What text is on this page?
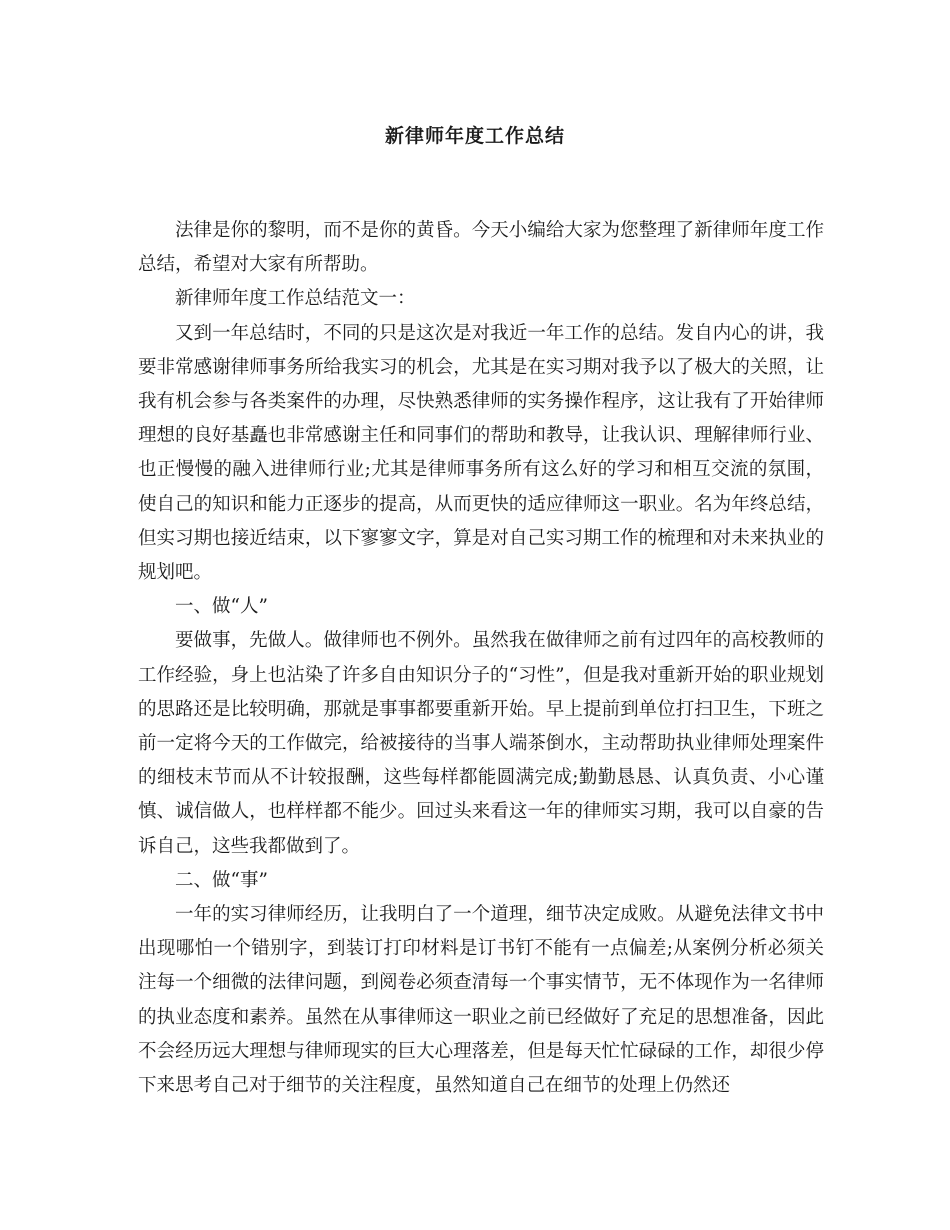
新律师年度工作总结

法律是你的黎明，而不是你的黄昏。今天小编给大家为您整理了新律师年度工作总结，希望对大家有所帮助。

新律师年度工作总结范文一：

又到一年总结时，不同的只是这次是对我近一年工作的总结。发自内心的讲，我要非常感谢律师事务所给我实习的机会，尤其是在实习期对我予以了极大的关照，让我有机会参与各类案件的办理，尽快熟悉律师的实务操作程序，这让我有了开始律师理想的良好基矗也非常感谢主任和同事们的帮助和教导，让我认识、理解律师行业、也正慢慢的融入进律师行业;尤其是律师事务所有这么好的学习和相互交流的氛围，使自己的知识和能力正逐步的提高，从而更快的适应律师这一职业。名为年终总结，但实习期也接近结束，以下寥寥文字，算是对自己实习期工作的梳理和对未来执业的规划吧。

一、做“人”

要做事，先做人。做律师也不例外。虽然我在做律师之前有过四年的高校教师的工作经验，身上也沾染了许多自由知识分子的“习性”，但是我对重新开始的职业规划的思路还是比较明确，那就是事事都要重新开始。早上提前到单位打扫卫生，下班之前一定将今天的工作做完，给被接待的当事人端茶倒水，主动帮助执业律师处理案件的细枝末节而从不计较报酬，这些每样都能圆满完成;勤勤恳恳、认真负责、小心谨慎、诚信做人，也样样都不能少。回过头来看这一年的律师实习期，我可以自豪的告诉自己，这些我都做到了。

二、做“事”

一年的实习律师经历，让我明白了一个道理，细节决定成败。从避免法律文书中出现哪怕一个错别字，到装订打印材料是订书钉不能有一点偏差;从案例分析必须关注每一个细微的法律问题，到阅卷必须查清每一个事实情节，无不体现作为一名律师的执业态度和素养。虽然在从事律师这一职业之前已经做好了充足的思想准备，因此不会经历远大理想与律师现实的巨大心理落差，但是每天忙忙碌碌的工作，却很少停下来思考自己对于细节的关注程度，虽然知道自己在细节的处理上仍然还
